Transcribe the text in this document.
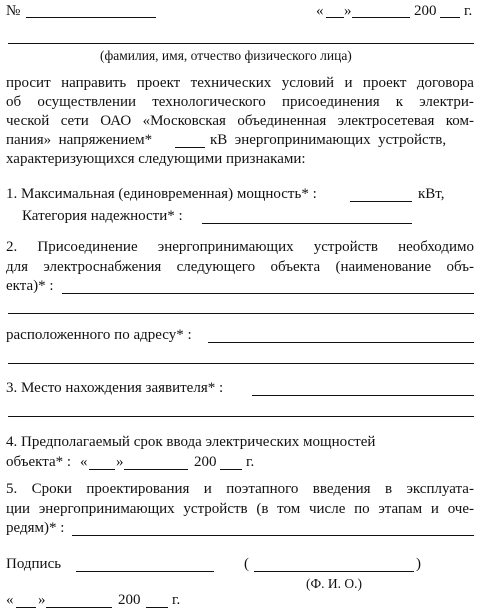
№	« »	200 г.
(фамилия, имя, отчество физического лица)
просит направить проект технических условий и проект договора
об осуществлении технологического присоединения к электри-
ческой сети ОАО «Московская объединенная электросетевая ком-
пания»  напряжением*	кВ  энергопринимающих  устройств,
характеризующихся следующими признаками:
1. Максимальная (единовременная) мощность* :	кВт,
Категория надежности* :
2. Присоединение энергопринимающих устройств необходимо
для электроснабжения следующего объекта (наименование объ-
екта)* :
расположенного по адресу* :
3. Место нахождения заявителя* :
4. Предполагаемый срок ввода электрических мощностей
объекта* : « »	200 г.
5. Сроки проектирования и поэтапного введения в эксплуата-
ции энергопринимающих устройств (в том числе по этапам и оче-
редям)* :
Подпись	(	)
(Ф. И. О.)
« »	200 г.
